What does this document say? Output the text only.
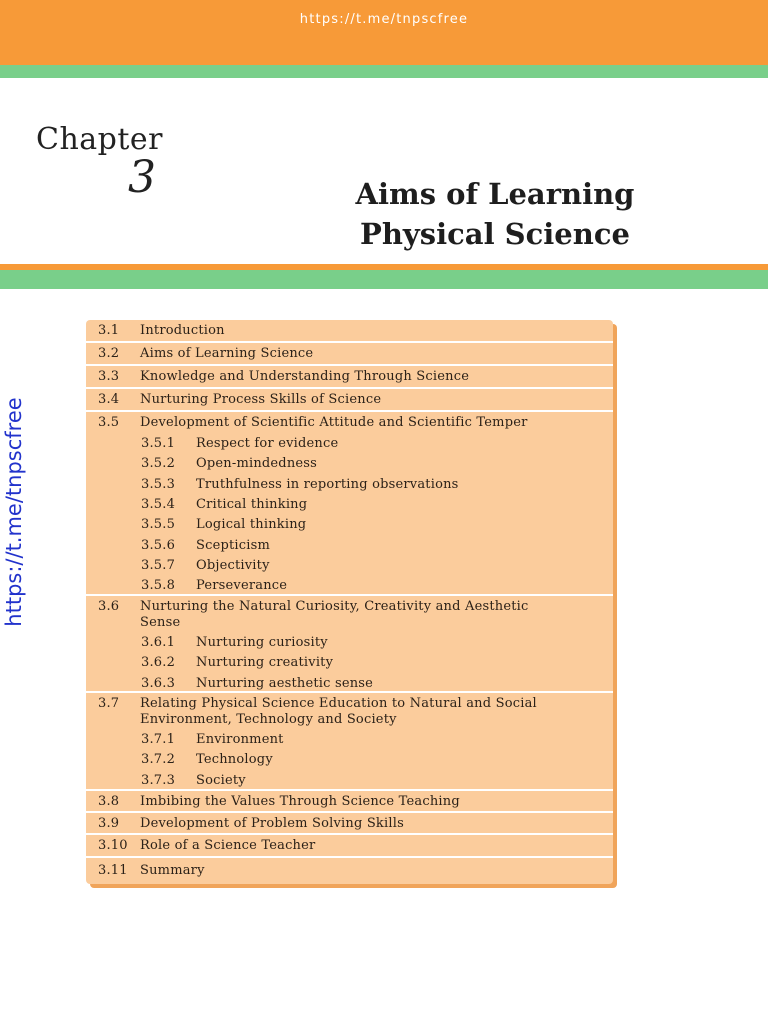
https://t.me/tnpscfree
Chapter
3	Aims of Learning
Physical Science
https://t.me/tnpscfree
3.1 Introduction
3.2 Aims of Learning Science
3.3 Knowledge and Understanding Through Science
3.4 Nurturing Process Skills of Science
3.5 Development of Scientific Attitude and Scientific Temper
3.5.1 Respect for evidence
3.5.2 Open-mindedness
3.5.3 Truthfulness in reporting observations
3.5.4 Critical thinking
3.5.5 Logical thinking
3.5.6 Scepticism
3.5.7 Objectivity
3.5.8 Perseverance
3.6 Nurturing the Natural Curiosity, Creativity and Aesthetic
Sense
3.6.1 Nurturing curiosity
3.6.2 Nurturing creativity
3.6.3 Nurturing aesthetic sense
3.7 Relating Physical Science Education to Natural and Social
Environment, Technology and Society
3.7.1 Environment
3.7.2 Technology
3.7.3 Society
3.8 Imbibing the Values Through Science Teaching
3.9 Development of Problem Solving Skills
3.10 Role of a Science Teacher
3.11 Summary
